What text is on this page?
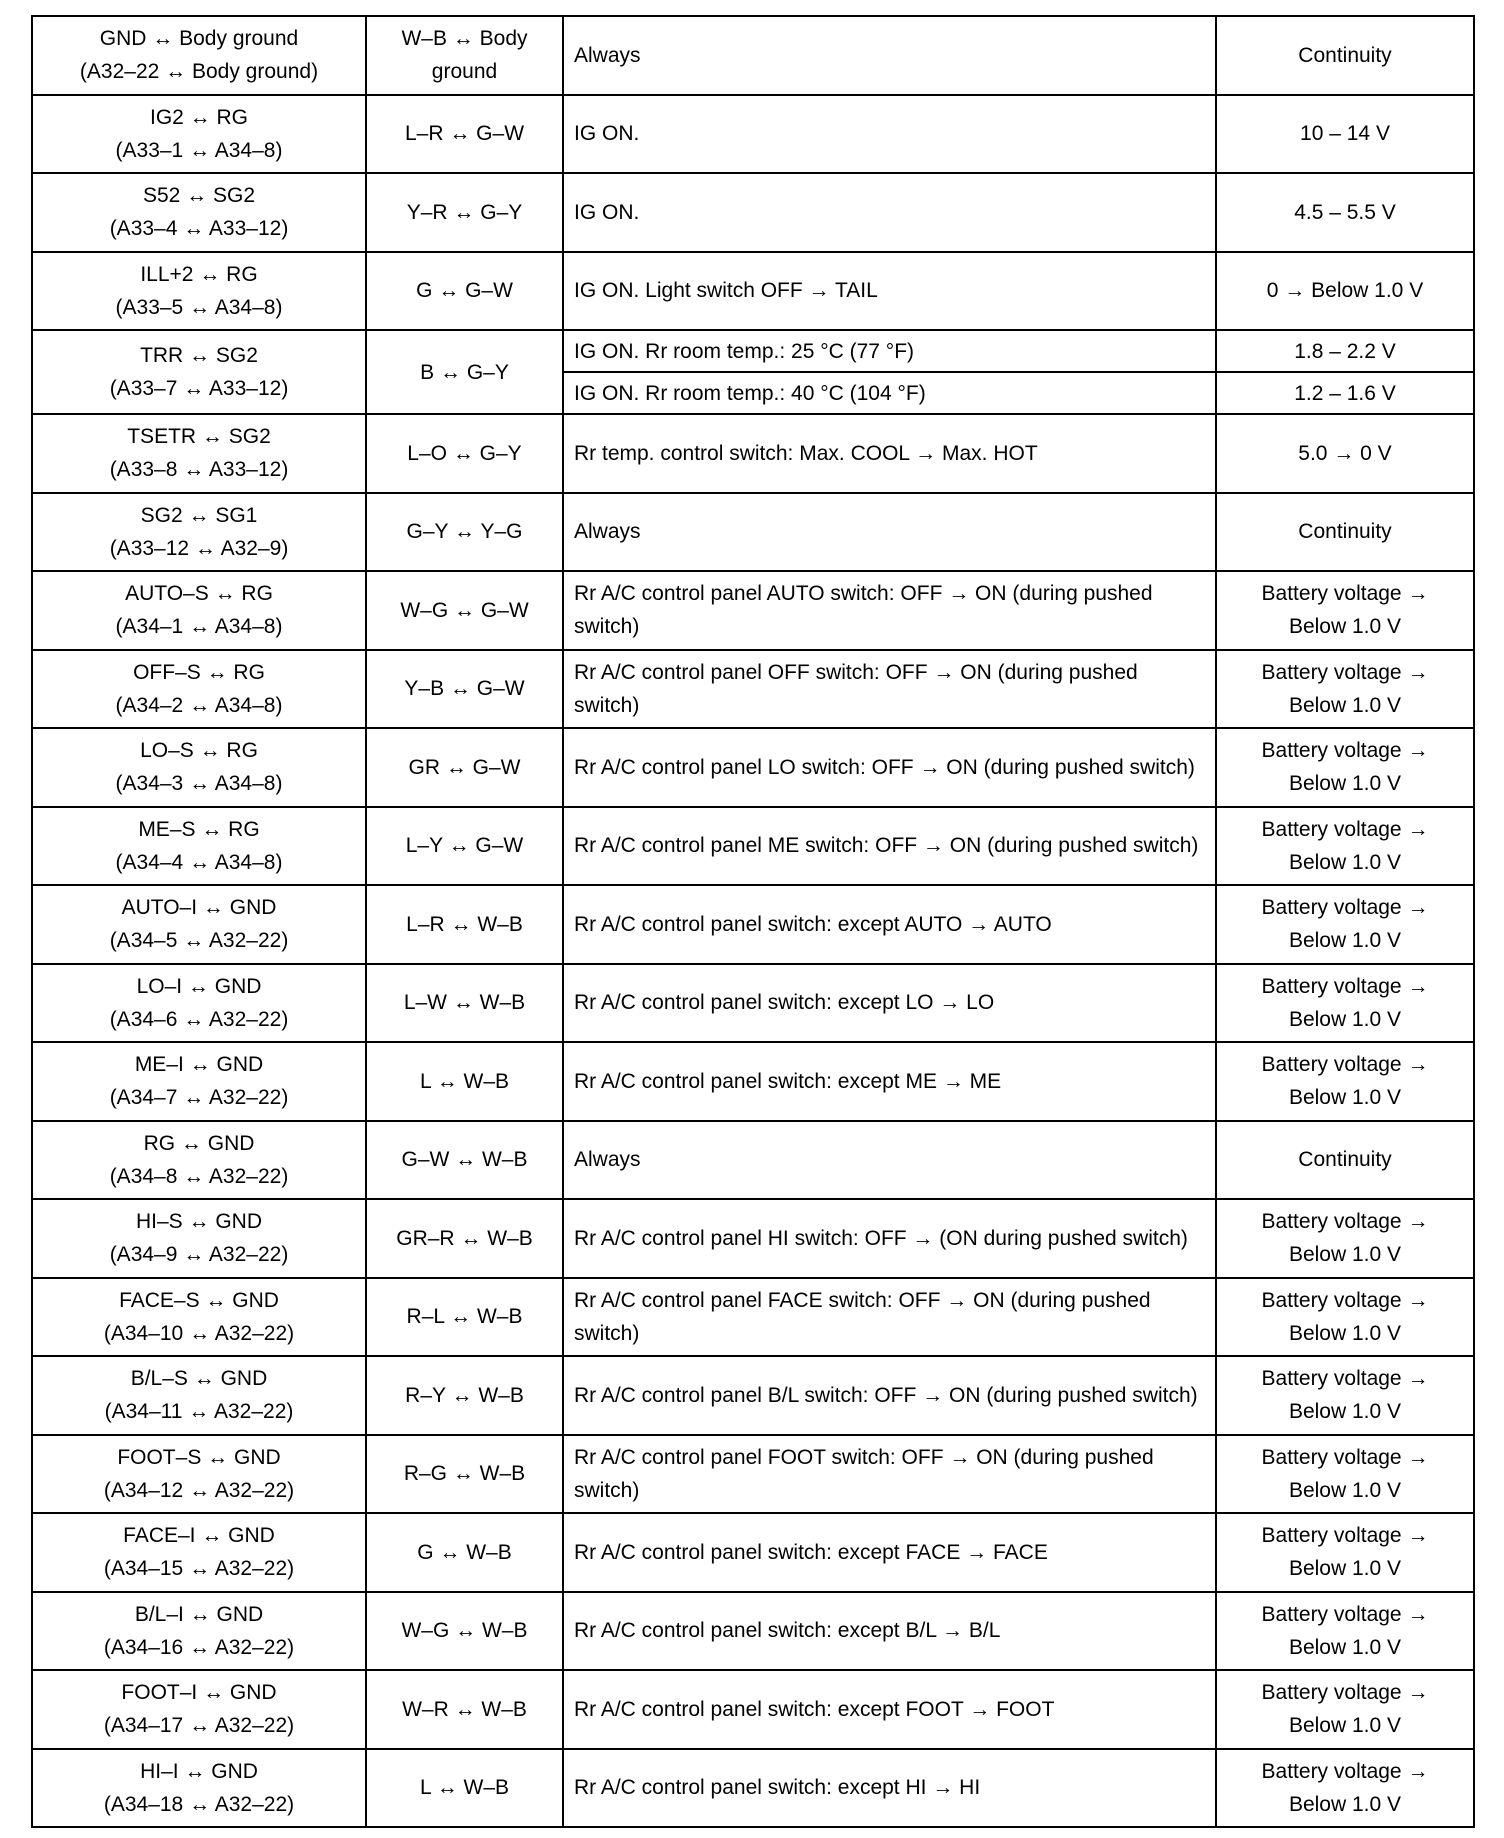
GND ↔ Body ground
(A32–22 ↔ Body ground)	W–B ↔ Body ground	Always	Continuity

IG2 ↔ RG
(A33–1 ↔ A34–8)	L–R ↔ G–W	IG ON.	10 – 14 V

S52 ↔ SG2
(A33–4 ↔ A33–12)	Y–R ↔ G–Y	IG ON.	4.5 – 5.5 V

ILL+2 ↔ RG
(A33–5 ↔ A34–8)	G ↔ G–W	IG ON. Light switch OFF → TAIL	0 → Below 1.0 V

TRR ↔ SG2
(A33–7 ↔ A33–12)	B ↔ G–Y	IG ON. Rr room temp.: 25 °C (77 °F)	1.8 – 2.2 V
		IG ON. Rr room temp.: 40 °C (104 °F)	1.2 – 1.6 V

TSETR ↔ SG2
(A33–8 ↔ A33–12)	L–O ↔ G–Y	Rr temp. control switch: Max. COOL → Max. HOT	5.0 → 0 V

SG2 ↔ SG1
(A33–12 ↔ A32–9)	G–Y ↔ Y–G	Always	Continuity

AUTO–S ↔ RG
(A34–1 ↔ A34–8)	W–G ↔ G–W	Rr A/C control panel AUTO switch: OFF → ON (during pushed switch)	Battery voltage →
Below 1.0 V

OFF–S ↔ RG
(A34–2 ↔ A34–8)	Y–B ↔ G–W	Rr A/C control panel OFF switch: OFF → ON (during pushed switch)	Battery voltage →
Below 1.0 V

LO–S ↔ RG
(A34–3 ↔ A34–8)	GR ↔ G–W	Rr A/C control panel LO switch: OFF → ON (during pushed switch)	Battery voltage →
Below 1.0 V

ME–S ↔ RG
(A34–4 ↔ A34–8)	L–Y ↔ G–W	Rr A/C control panel ME switch: OFF → ON (during pushed switch)	Battery voltage →
Below 1.0 V

AUTO–I ↔ GND
(A34–5 ↔ A32–22)	L–R ↔ W–B	Rr A/C control panel switch: except AUTO → AUTO	Battery voltage →
Below 1.0 V

LO–I ↔ GND
(A34–6 ↔ A32–22)	L–W ↔ W–B	Rr A/C control panel switch: except LO → LO	Battery voltage →
Below 1.0 V

ME–I ↔ GND
(A34–7 ↔ A32–22)	L ↔ W–B	Rr A/C control panel switch: except ME → ME	Battery voltage →
Below 1.0 V

RG ↔ GND
(A34–8 ↔ A32–22)	G–W ↔ W–B	Always	Continuity

HI–S ↔ GND
(A34–9 ↔ A32–22)	GR–R ↔ W–B	Rr A/C control panel HI switch: OFF → (ON during pushed switch)	Battery voltage →
Below 1.0 V

FACE–S ↔ GND
(A34–10 ↔ A32–22)	R–L ↔ W–B	Rr A/C control panel FACE switch: OFF → ON (during pushed switch)	Battery voltage →
Below 1.0 V

B/L–S ↔ GND
(A34–11 ↔ A32–22)	R–Y ↔ W–B	Rr A/C control panel B/L switch: OFF → ON (during pushed switch)	Battery voltage →
Below 1.0 V

FOOT–S ↔ GND
(A34–12 ↔ A32–22)	R–G ↔ W–B	Rr A/C control panel FOOT switch: OFF → ON (during pushed switch)	Battery voltage →
Below 1.0 V

FACE–I ↔ GND
(A34–15 ↔ A32–22)	G ↔ W–B	Rr A/C control panel switch: except FACE → FACE	Battery voltage →
Below 1.0 V

B/L–I ↔ GND
(A34–16 ↔ A32–22)	W–G ↔ W–B	Rr A/C control panel switch: except B/L → B/L	Battery voltage →
Below 1.0 V

FOOT–I ↔ GND
(A34–17 ↔ A32–22)	W–R ↔ W–B	Rr A/C control panel switch: except FOOT → FOOT	Battery voltage →
Below 1.0 V

HI–I ↔ GND
(A34–18 ↔ A32–22)	L ↔ W–B	Rr A/C control panel switch: except HI → HI	Battery voltage →
Below 1.0 V
